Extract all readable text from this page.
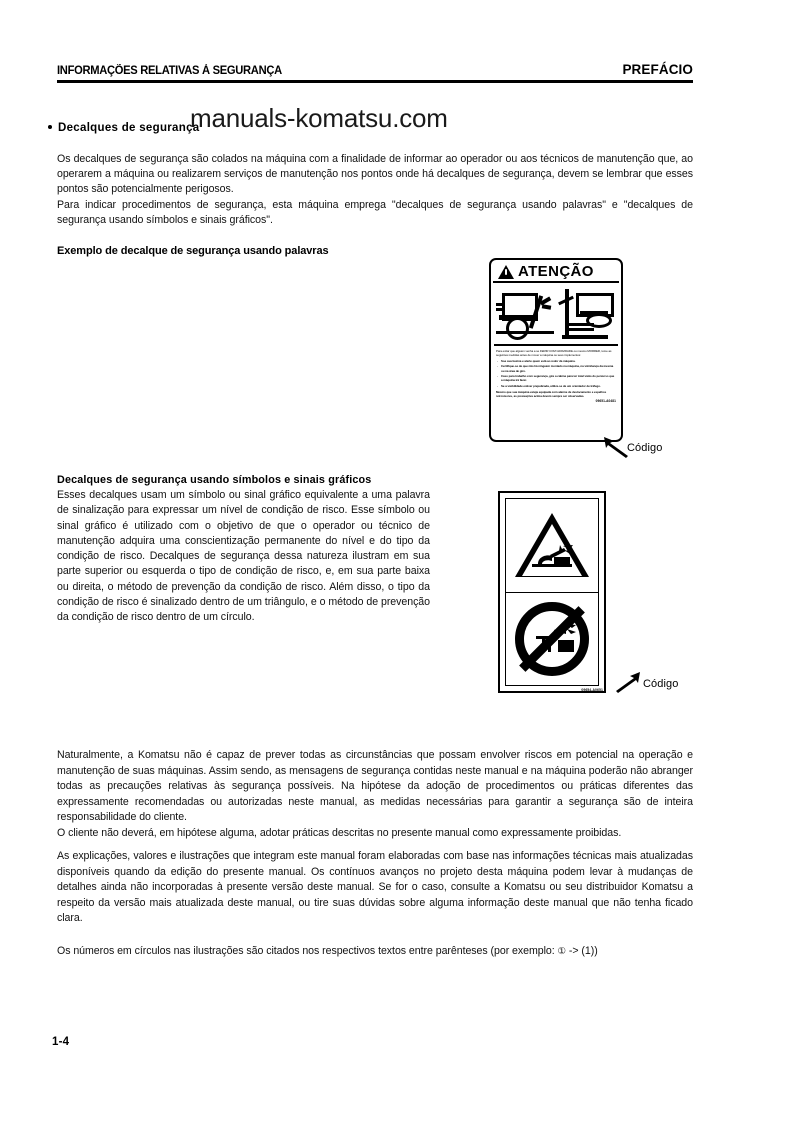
INFORMAÇÕES RELATIVAS À SEGURANÇA	PREFÁCIO
manuals-komatsu.com
Decalques de segurança

Os decalques de segurança são colados na máquina com a finalidade de informar ao operador ou aos técnicos de manutenção que, ao operarem a máquina ou realizarem serviços de manutenção nos pontos onde há decalques de segurança, devem se lembrar que esses pontos são potencialmente perigosos.

Para indicar procedimentos de segurança, esta máquina emprega "decalques de segurança usando palavras" e "decalques de segurança usando símbolos e sinais gráficos".

Exemplo de decalque de segurança usando palavras
ATENÇÃO
Para evitar que alguém venha a se FERIR COM GRAVIDADE ou mesmo MORRER, tome as seguintes medidas antes de mover a máquina ou seus implementos:
· Soe sua buzina e alerte quem está ao redor da máquina.
· Certifique-se de que não há ninguém montado na máquina, na vizinhança da mesma ou na área de giro.
· Caso para trabalho com segurança, gire a cabine para ter total visão do percurso que a máquina irá fazer.
· Se a visibilidade estiver prejudicada, utilize-se de um orientador de tráfego.
Mesmo que sua máquina esteja equipada com alarme de deslocamento e espelhos retrovisores, as precauções acima devem sempre ser observadas.
09651-A0481
Código
Decalques de segurança usando símbolos e sinais gráficos

Esses decalques usam um símbolo ou sinal gráfico equivalente a uma palavra de sinalização para expressar um nível de condição de risco. Esse símbolo ou sinal gráfico é utilizado com o objetivo de que o operador ou técnico de manutenção adquira uma conscientização permanente do nível e do tipo da condição de risco. Decalques de segurança dessa natureza ilustram em sua parte superior ou esquerda o tipo de condição de risco, e, em sua parte baixa ou direita, o método de prevenção da condição de risco. Além disso, o tipo da condição de risco é sinalizado dentro de um triângulo, e o método de prevenção da condição de risco dentro de um círculo.

09654-A0651	Código

Naturalmente, a Komatsu não é capaz de prever todas as circunstâncias que possam envolver riscos em potencial na operação e manutenção de suas máquinas. Assim sendo, as mensagens de segurança contidas neste manual e na máquina poderão não abranger todas as precauções relativas às segurança possíveis. Na hipótese da adoção de procedimentos ou práticas diferentes das expressamente recomendadas ou autorizadas neste manual, as medidas necessárias para garantir a segurança são de inteira responsabilidade do cliente.

O cliente não deverá, em hipótese alguma, adotar práticas descritas no presente manual como expressamente proibidas.

As explicações, valores e ilustrações que integram este manual foram elaboradas com base nas informações técnicas mais atualizadas disponíveis quando da edição do presente manual. Os contínuos avanços no projeto desta máquina podem levar à mudanças de detalhes ainda não incorporadas à presente versão deste manual. Se for o caso, consulte a Komatsu ou seu distribuidor Komatsu a respeito da versão mais atualizada deste manual, ou tire suas dúvidas sobre alguma informação deste manual que não tenha ficado clara.

Os números em círculos nas ilustrações são citados nos respectivos textos entre parênteses (por exemplo: ① -> (1))

1-4
